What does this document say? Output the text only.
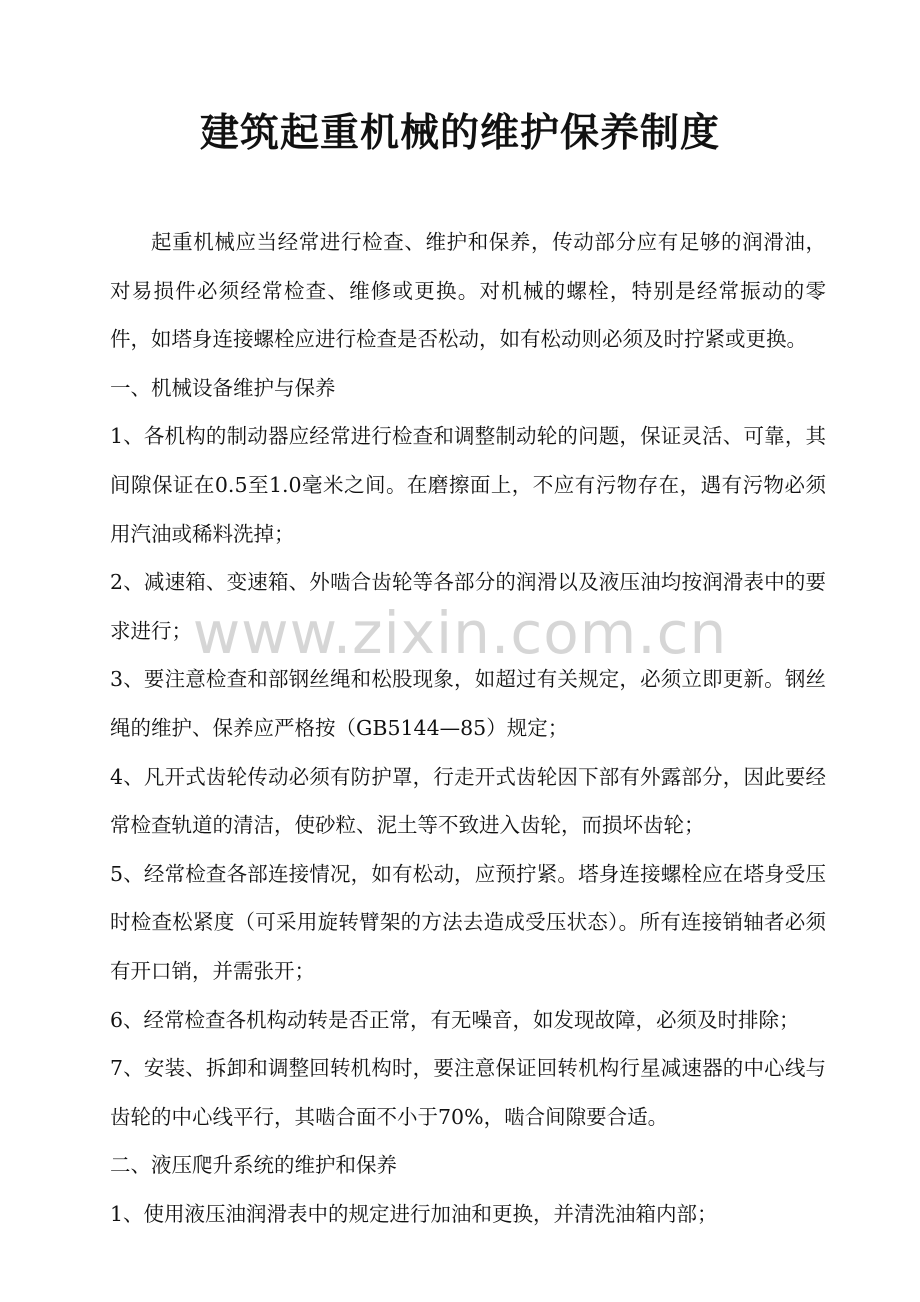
建筑起重机械的维护保养制度

起重机械应当经常进行检查、维护和保养，传动部分应有足够的润滑油，对易损件必须经常检查、维修或更换。对机械的螺栓，特别是经常振动的零件，如塔身连接螺栓应进行检查是否松动，如有松动则必须及时拧紧或更换。

一、机械设备维护与保养

1、各机构的制动器应经常进行检查和调整制动轮的问题，保证灵活、可靠，其间隙保证在0.5至1.0毫米之间。在磨擦面上，不应有污物存在，遇有污物必须用汽油或稀料洗掉；

2、减速箱、变速箱、外啮合齿轮等各部分的润滑以及液压油均按润滑表中的要求进行；

3、要注意检查和部钢丝绳和松股现象，如超过有关规定，必须立即更新。钢丝绳的维护、保养应严格按（GB5144—85）规定；

4、凡开式齿轮传动必须有防护罩，行走开式齿轮因下部有外露部分，因此要经常检查轨道的清洁，使砂粒、泥土等不致进入齿轮，而损坏齿轮；

5、经常检查各部连接情况，如有松动，应预拧紧。塔身连接螺栓应在塔身受压时检查松紧度（可采用旋转臂架的方法去造成受压状态）。所有连接销轴者必须有开口销，并需张开；

6、经常检查各机构动转是否正常，有无噪音，如发现故障，必须及时排除；

7、安装、拆卸和调整回转机构时，要注意保证回转机构行星减速器的中心线与齿轮的中心线平行，其啮合面不小于70%，啮合间隙要合适。

二、液压爬升系统的维护和保养

1、使用液压油润滑表中的规定进行加油和更换，并清洗油箱内部；

www.zixin.com.cn
